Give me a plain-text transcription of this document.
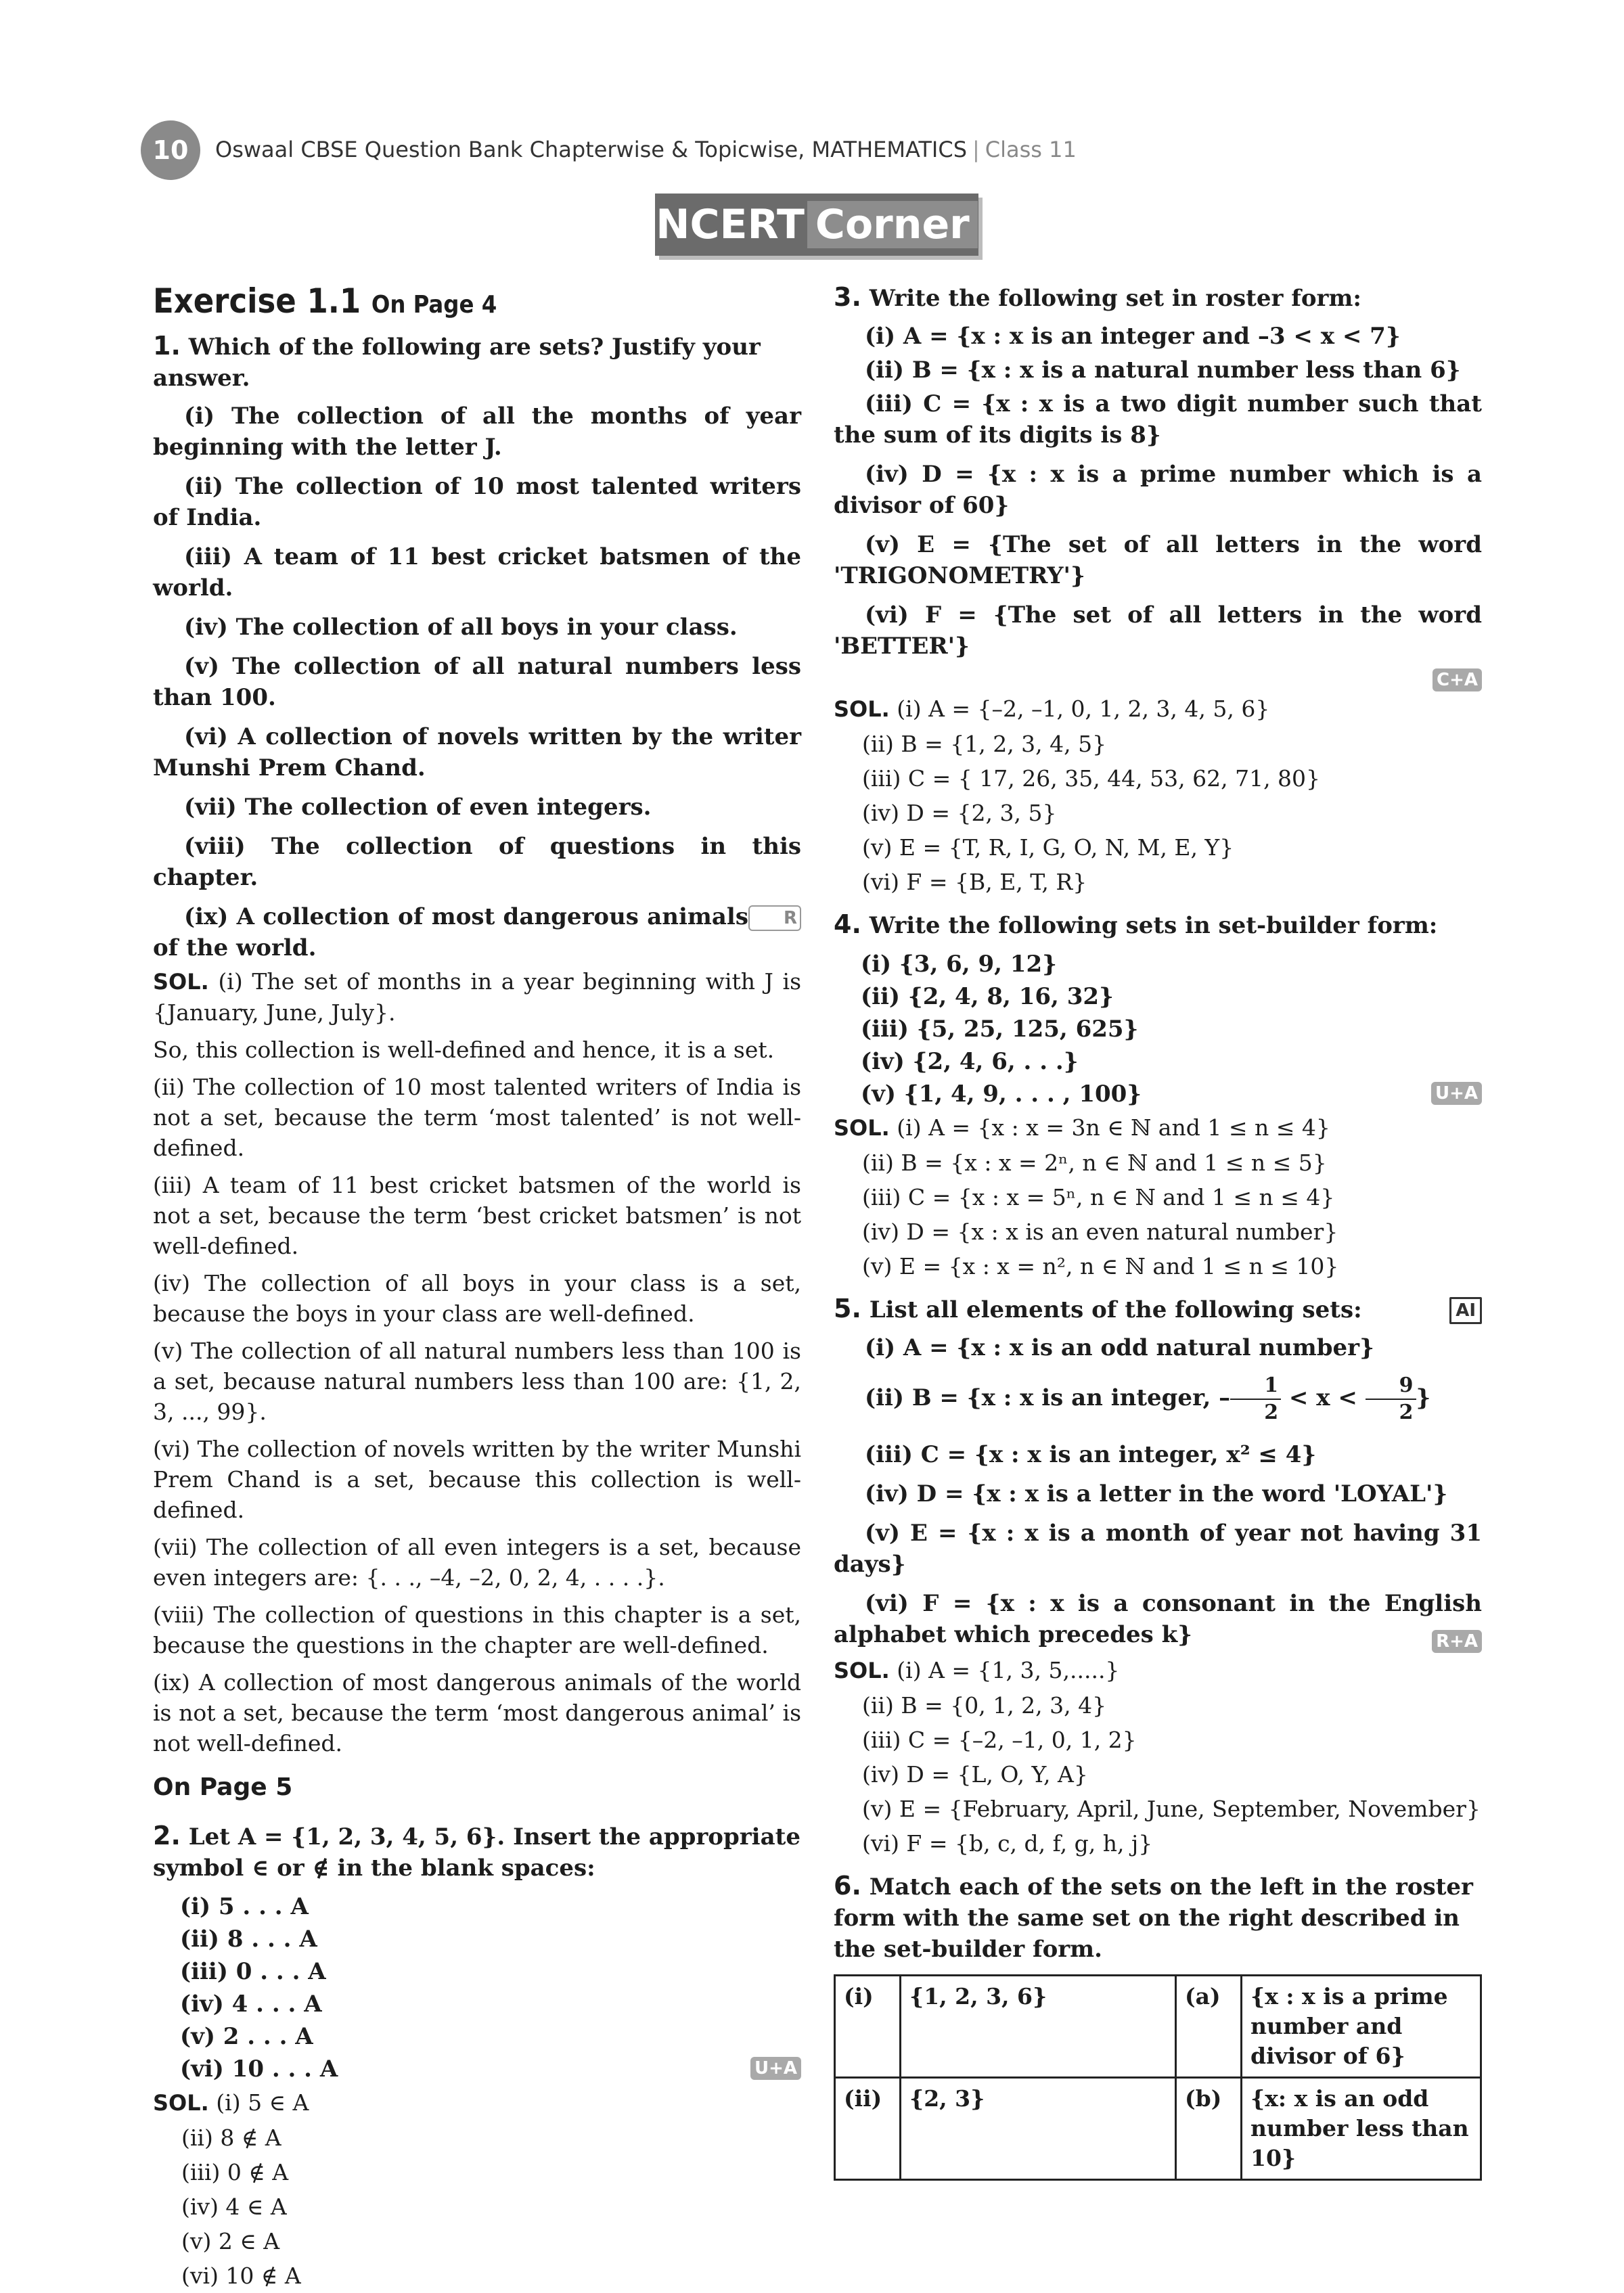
10	Oswaal CBSE Question Bank Chapterwise & Topicwise, MATHEMATICS | Class 11
NCERT Corner
Exercise 1.1 On Page 4
1. Which of the following are sets? Justify your answer.
(i) The collection of all the months of year beginning with the letter J.
(ii) The collection of 10 most talented writers of India.
(iii) A team of 11 best cricket batsmen of the world.
(iv) The collection of all boys in your class.
(v) The collection of all natural numbers less than 100.
(vi) A collection of novels written by the writer Munshi Prem Chand.
(vii) The collection of even integers.
(viii) The collection of questions in this chapter.
R
(ix) A collection of most dangerous animals of the world.
SOL. (i) The set of months in a year beginning with J is {January, June, July}.
So, this collection is well-defined and hence, it is a set.
(ii) The collection of 10 most talented writers of India is not a set, because the term ‘most talented’ is not well-defined.
(iii) A team of 11 best cricket batsmen of the world is not a set, because the term ‘best cricket batsmen’ is not well-defined.
(iv) The collection of all boys in your class is a set, because the boys in your class are well-defined.
(v) The collection of all natural numbers less than 100 is a set, because natural numbers less than 100 are: {1, 2, 3, ..., 99}.
(vi) The collection of novels written by the writer Munshi Prem Chand is a set, because this collection is well-defined.
(vii) The collection of all even integers is a set, because even integers are: {. . ., –4, –2, 0, 2, 4, . . . .}.
(viii) The collection of questions in this chapter is a set, because the questions in the chapter are well-defined.
(ix) A collection of most dangerous animals of the world is not a set, because the term ‘most dangerous animal’ is not well-defined.
On Page 5
2. Let A = {1, 2, 3, 4, 5, 6}. Insert the appropriate symbol ∈ or ∉ in the blank spaces:
(i) 5 . . . A
(ii) 8 . . . A
(iii) 0 . . . A
(iv) 4 . . . A
(v) 2 . . . A
U+A
(vi) 10 . . . A
SOL. (i) 5 ∈ A
(ii) 8 ∉ A
(iii) 0 ∉ A
(iv) 4 ∈ A
(v) 2 ∈ A
(vi) 10 ∉ A
3. Write the following set in roster form:
(i) A = {x : x is an integer and –3 < x < 7}
(ii) B = {x : x is a natural number less than 6}
(iii) C = {x : x is a two digit number such that the sum of its digits is 8}
(iv) D = {x : x is a prime number which is a divisor of 60}
(v) E = {The set of all letters in the word 'TRIGONOMETRY'}
(vi) F = {The set of all letters in the word 'BETTER'}
C+A
SOL. (i) A = {–2, –1, 0, 1, 2, 3, 4, 5, 6}
(ii) B = {1, 2, 3, 4, 5}
(iii) C = { 17, 26, 35, 44, 53, 62, 71, 80}
(iv) D = {2, 3, 5}
(v) E = {T, R, I, G, O, N, M, E, Y}
(vi) F = {B, E, T, R}
4. Write the following sets in set-builder form:
(i) {3, 6, 9, 12}
(ii) {2, 4, 8, 16, 32}
(iii) {5, 25, 125, 625}
(iv) {2, 4, 6, . . .}
U+A
(v) {1, 4, 9, . . . , 100}
SOL. (i) A = {x : x = 3n ∈ ℕ and 1 ≤ n ≤ 4}
(ii) B = {x : x = 2ⁿ, n ∈ ℕ and 1 ≤ n ≤ 5}
(iii) C = {x : x = 5ⁿ, n ∈ ℕ and 1 ≤ n ≤ 4}
(iv) D = {x : x is an even natural number}
(v) E = {x : x = n², n ∈ ℕ and 1 ≤ n ≤ 10}
AI
5. List all elements of the following sets:
(i) A = {x : x is an odd natural number}
(ii) B = {x : x is an integer, – $\frac{1}{2} < x < \frac{9}{2}$ }
(iii) C = {x : x is an integer, x² ≤ 4}
(iv) D = {x : x is a letter in the word 'LOYAL'}
(v) E = {x : x is a month of year not having 31 days}
(vi) F = {x : x is a consonant in the English alphabet which precedes k}	R+A
SOL. (i) A = {1, 3, 5,.....}
(ii) B = {0, 1, 2, 3, 4}
(iii) C = {–2, –1, 0, 1, 2}
(iv) D = {L, O, Y, A}
(v) E = {February, April, June, September, November}
(vi) F = {b, c, d, f, g, h, j}
6. Match each of the sets on the left in the roster form with the same set on the right described in the set-builder form.
(i)	{1, 2, 3, 6}	(a)	{x : x is a prime number and divisor of 6}
(ii)	{2, 3}	(b)	{x: x is an odd number less than 10}
